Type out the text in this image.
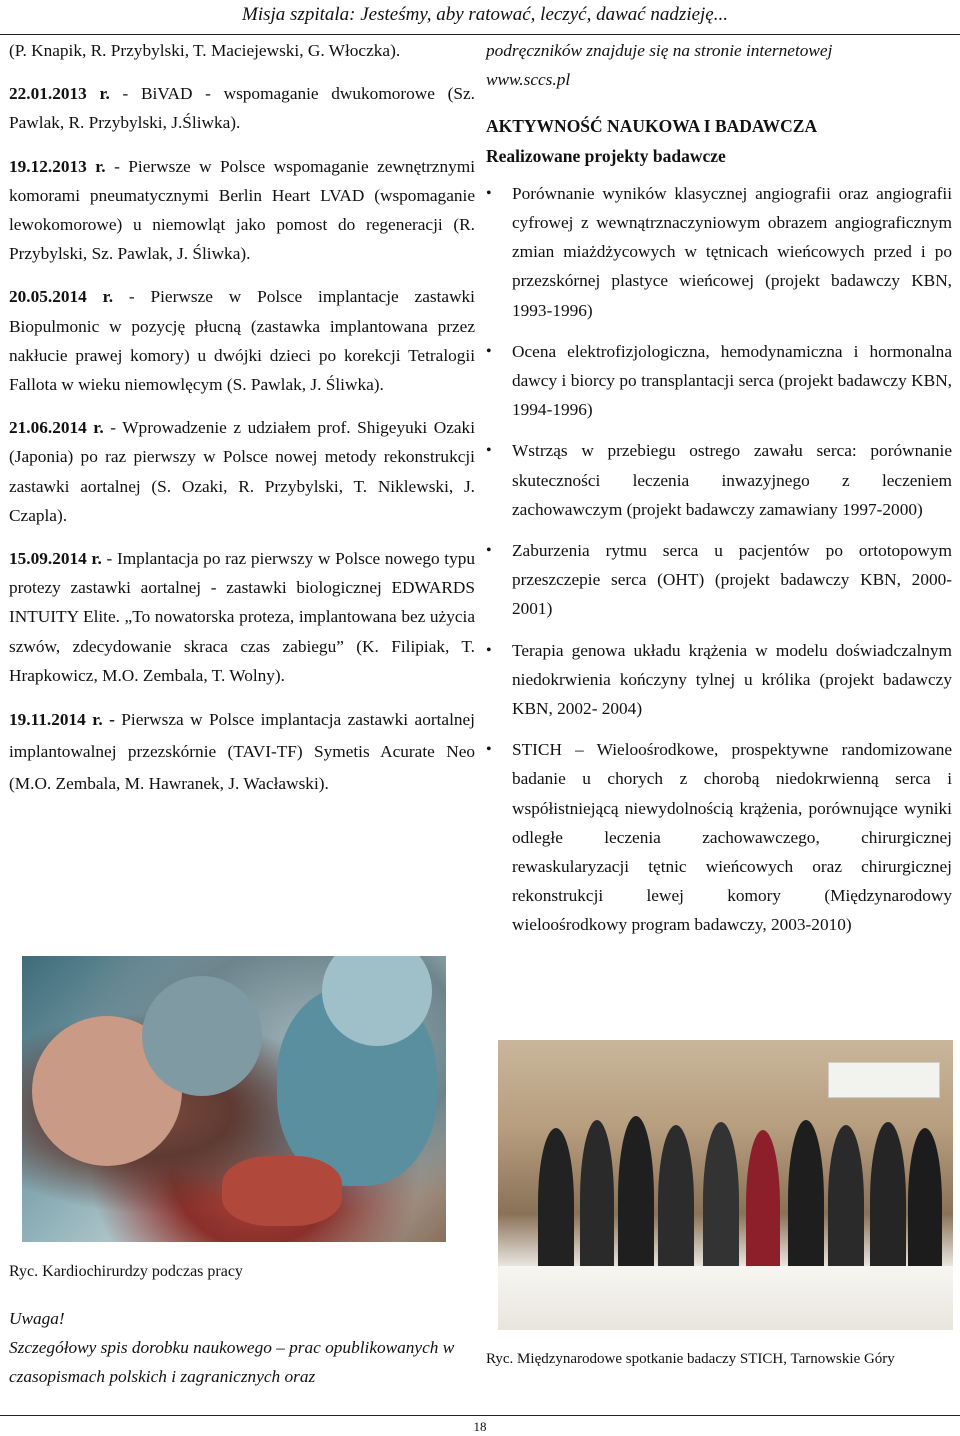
Misja szpitala: Jesteśmy, aby ratować, leczyć, dawać nadzieję...

(P. Knapik, R. Przybylski, T. Maciejewski, G. Włoczka).

22.01.2013 r. - BiVAD - wspomaganie dwukomorowe (Sz. Pawlak, R. Przybylski, J.Śliwka).

19.12.2013 r. - Pierwsze w Polsce wspomaganie zewnętrznymi komorami pneumatycznymi Berlin Heart LVAD (wspomaganie lewokomorowe) u niemowląt jako pomost do regeneracji (R. Przybylski, Sz. Pawlak, J. Śliwka).

20.05.2014 r. - Pierwsze w Polsce implantacje zastawki Biopulmonic w pozycję płucną (zastawka implantowana przez nakłucie prawej komory) u dwójki dzieci po korekcji Tetralogii Fallota w wieku niemowlęcym (S. Pawlak, J. Śliwka).

21.06.2014 r. - Wprowadzenie z udziałem prof. Shigeyuki Ozaki (Japonia) po raz pierwszy w Polsce nowej metody rekonstrukcji zastawki aortalnej (S. Ozaki, R. Przybylski, T. Niklewski, J. Czapla).

15.09.2014 r. - Implantacja po raz pierwszy w Polsce nowego typu protezy zastawki aortalnej - zastawki biologicznej EDWARDS INTUITY Elite. „To nowatorska proteza, implantowana bez użycia szwów, zdecydowanie skraca czas zabiegu” (K. Filipiak, T. Hrapkowicz, M.O. Zembala, T. Wolny).

19.11.2014 r. - Pierwsza w Polsce implantacja zastawki aortalnej implantowalnej przezskórnie (TAVI-TF) Symetis Acurate Neo (M.O. Zembala, M. Hawranek, J. Wacławski).

Ryc. Kardiochirurdzy podczas pracy
Uwaga!
Szczegółowy spis dorobku naukowego – prac opublikowanych w czasopismach polskich i zagranicznych oraz

podręczników znajduje się na stronie internetowej

www.sccs.pl

AKTYWNOŚĆ NAUKOWA I BADAWCZA

Realizowane projekty badawcze

• Porównanie wyników klasycznej angiografii oraz angiografii cyfrowej z wewnątrznaczyniowym obrazem angiograficznym zmian miażdżycowych w tętnicach wieńcowych przed i po przezskórnej plastyce wieńcowej (projekt badawczy KBN, 1993-1996)
• Ocena elektrofizjologiczna, hemodynamiczna i hormonalna dawcy i biorcy po transplantacji serca (projekt badawczy KBN, 1994-1996)
• Wstrząs w przebiegu ostrego zawału serca: porównanie skuteczności leczenia inwazyjnego z leczeniem zachowawczym (projekt badawczy zamawiany 1997-2000)
• Zaburzenia rytmu serca u pacjentów po ortotopowym przeszczepie serca (OHT) (projekt badawczy KBN, 2000-2001)
• Terapia genowa układu krążenia w modelu doświadczalnym niedokrwienia kończyny tylnej u królika (projekt badawczy KBN, 2002- 2004)
• STICH – Wieloośrodkowe, prospektywne randomizowane badanie u chorych z chorobą niedokrwienną serca i współistniejącą niewydolnością krążenia, porównujące wyniki odległe leczenia zachowawczego, chirurgicznej rewaskularyzacji tętnic wieńcowych oraz chirurgicznej rekonstrukcji lewej komory (Międzynarodowy wieloośrodkowy program badawczy, 2003-2010)
Ryc. Międzynarodowe spotkanie badaczy STICH, Tarnowskie Góry
18
